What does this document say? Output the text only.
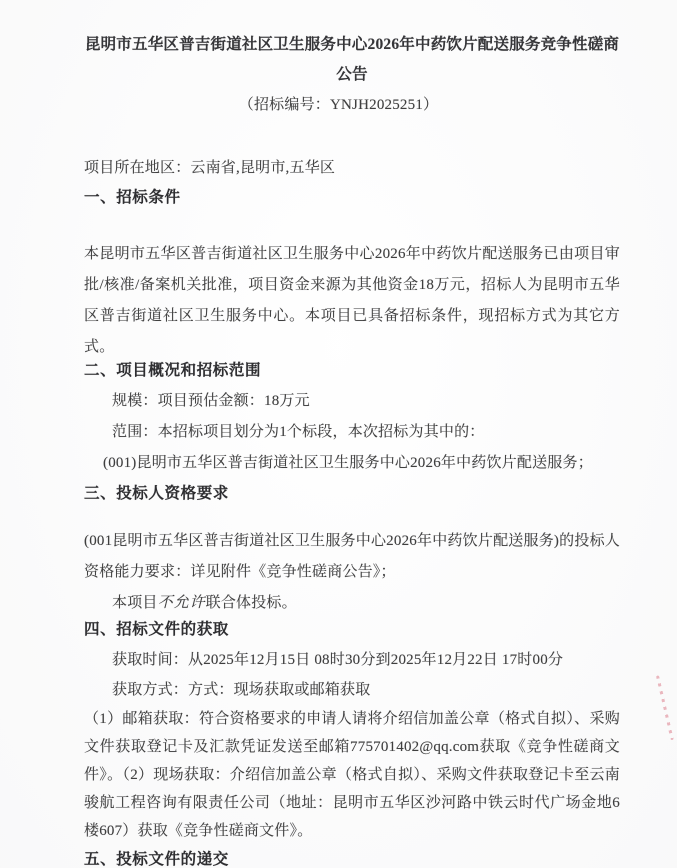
昆明市五华区普吉街道社区卫生服务中心2026年中药饮片配送服务竞争性磋商
公告
（招标编号：YNJH2025251）
项目所在地区：云南省,昆明市,五华区
一、招标条件

本昆明市五华区普吉街道社区卫生服务中心2026年中药饮片配送服务已由项目审批/核准/备案机关批准，项目资金来源为其他资金18万元，招标人为昆明市五华区普吉街道社区卫生服务中心。本项目已具备招标条件，现招标方式为其它方式。

二、项目概况和招标范围

规模：项目预估金额：18万元

范围：本招标项目划分为1个标段，本次招标为其中的：

(001)昆明市五华区普吉街道社区卫生服务中心2026年中药饮片配送服务；

三、投标人资格要求

(001昆明市五华区普吉街道社区卫生服务中心2026年中药饮片配送服务)的投标人资格能力要求：详见附件《竞争性磋商公告》；

本项目不允许联合体投标。

四、招标文件的获取

获取时间：从2025年12月15日 08时30分到2025年12月22日 17时00分

获取方式：方式：现场获取或邮箱获取

（1）邮箱获取：符合资格要求的申请人请将介绍信加盖公章（格式自拟）、采购文件获取登记卡及汇款凭证发送至邮箱775701402@qq.com获取《竞争性磋商文件》。（2）现场获取：介绍信加盖公章（格式自拟）、采购文件获取登记卡至云南骏航工程咨询有限责任公司（地址：昆明市五华区沙河路中铁云时代广场金地6楼607）获取《竞争性磋商文件》。

五、投标文件的递交
